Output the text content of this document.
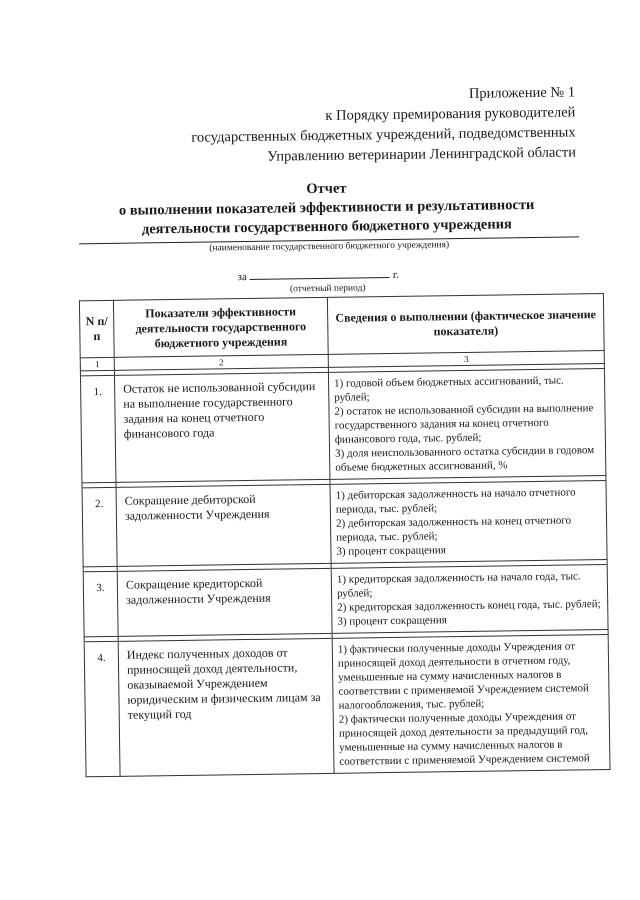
Приложение № 1
к Порядку премирования руководителей
государственных бюджетных учреждений, подведомственных
Управлению ветеринарии Ленинградской области
Отчет
о выполнении показателей эффективности и результативности
деятельности государственного бюджетного учреждения
(наименование государственного бюджетного учреждения)
за	г.
(отчетный период)
N п/п	Показатели эффективности деятельности государственного бюджетного учреждения	Сведения о выполнении (фактическое значение показателя)
1	2	3

1.	Остаток не использованной субсидии на выполнение государственного задания на конец отчетного финансового года	1) годовой объем бюджетных ассигнований, тыс. рублей;
2) остаток не использованной субсидии на выполнение государственного задания на конец отчетного финансового года, тыс. рублей;
3) доля неиспользованного остатка субсидии в годовом объеме бюджетных ассигнований, %

2.	Сокращение дебиторской задолженности Учреждения	1) дебиторская задолженность на начало отчетного периода, тыс. рублей;
2) дебиторская задолженность на конец отчетного периода, тыс. рублей;
3) процент сокращения

3.	Сокращение кредиторской задолженности Учреждения	1) кредиторская задолженность на начало года, тыс. рублей;
2) кредиторская задолженность конец года, тыс. рублей;
3) процент сокращения

4.	Индекс полученных доходов от приносящей доход деятельности, оказываемой Учреждением юридическим и физическим лицам за текущий год	1) фактически полученные доходы Учреждения от приносящей доход деятельности в отчетном году, уменьшенные на сумму начисленных налогов в соответствии с применяемой Учреждением системой налогообложения, тыс. рублей;
2) фактически полученные доходы Учреждения от приносящей доход деятельности за предыдущий год, уменьшенные на сумму начисленных налогов в соответствии с применяемой Учреждением системой
